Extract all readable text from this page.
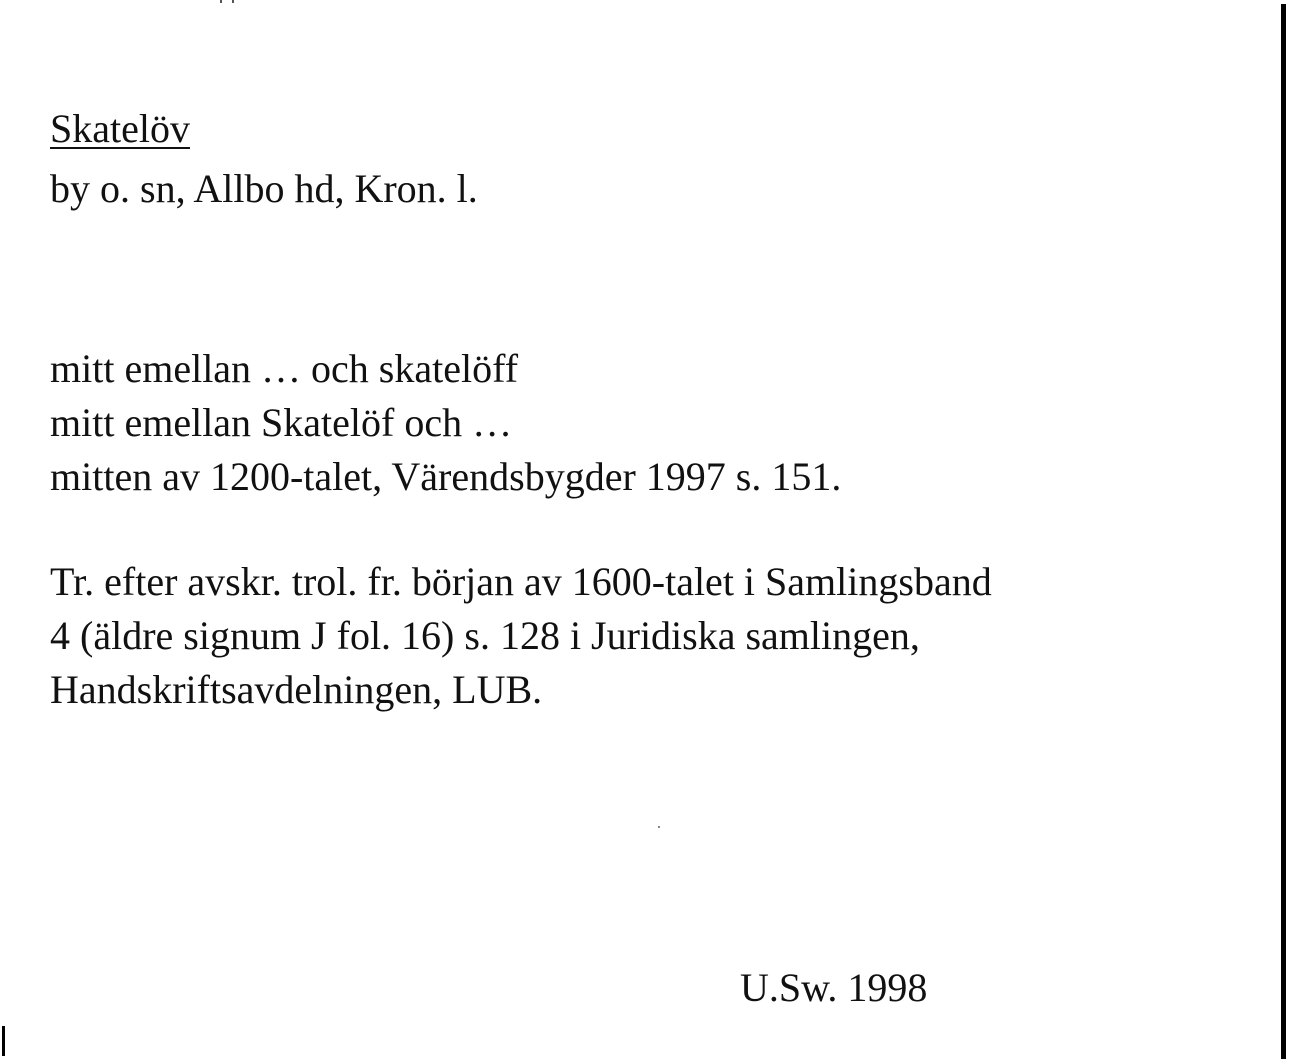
Skatelöv
by o. sn, Allbo hd, Kron. l.
mitt emellan … och skatelöff
mitt emellan Skatelöf och …
mitten av 1200-talet, Värendsbygder 1997 s. 151.
Tr. efter avskr. trol. fr. början av 1600-talet i Samlingsband
4 (äldre signum J fol. 16) s. 128 i Juridiska samlingen,
Handskriftsavdelningen, LUB.
U.Sw. 1998
